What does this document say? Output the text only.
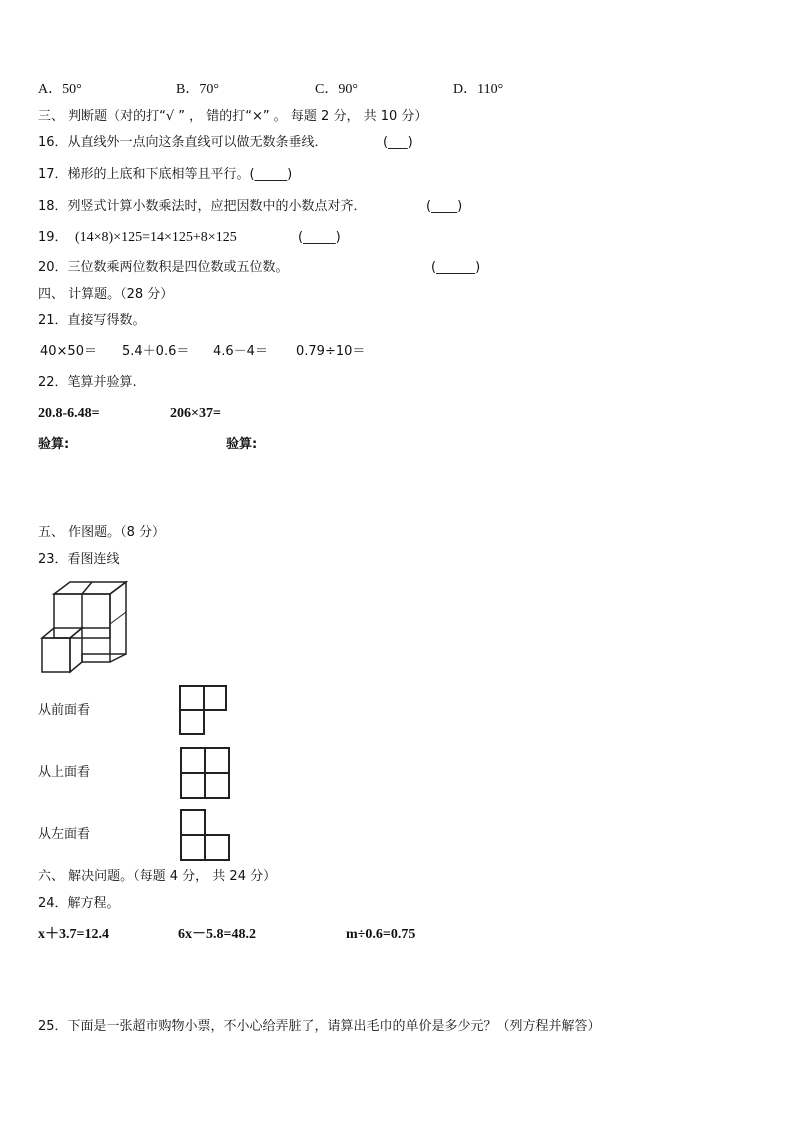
A．50°	B．70°	C．90°	D．110°
三、 判断题（对的打“√ ” ， 错的打“×” 。 每题 2 分， 共 10 分）
16．从直线外一点向这条直线可以做无数条垂线．	(___)
17．梯形的上底和下底相等且平行。(_____)
18．列竖式计算小数乘法时，应把因数中的小数点对齐．	(____)
19． (14×8)×125=14×125+8×125	(_____)
20．三位数乘两位数积是四位数或五位数。	(______)
四、 计算题。（28 分）
21．直接写得数。
40×50＝ 5.4＋0.6＝ 4.6－4＝ 0.79÷10＝
22．笔算并验算.
20.8-6.48=	206×37=
验算:	验算:
五、 作图题。（8 分）
23．看图连线
从前面看
从上面看
从左面看
六、 解决问题。（每题 4 分， 共 24 分）
24．解方程。
x＋3.7=12.4	6x－5.8=48.2	m÷0.6=0.75
25．下面是一张超市购物小票，不小心给弄脏了，请算出毛巾的单价是多少元？（列方程并解答）
